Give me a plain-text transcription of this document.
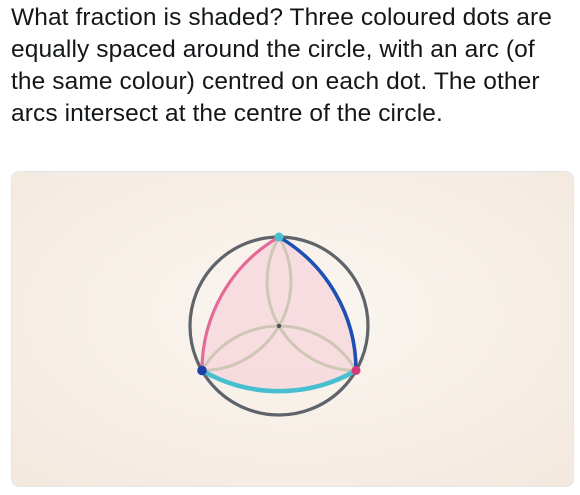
What fraction is shaded? Three coloured dots are equally spaced around the circle, with an arc (of the same colour) centred on each dot. The other arcs intersect at the centre of the circle.
